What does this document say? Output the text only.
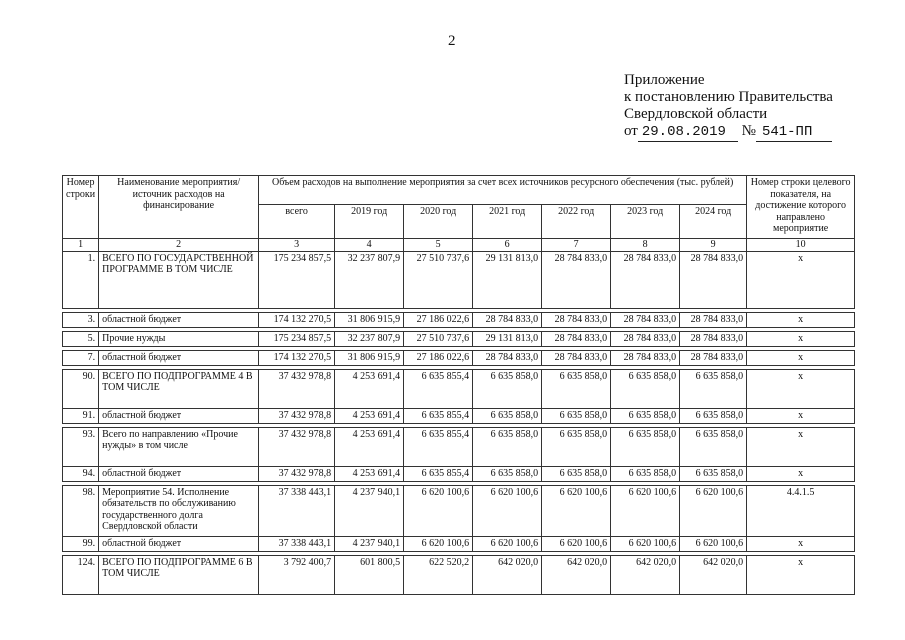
2
Приложение
к постановлению Правительства
Свердловской области
от 29.08.2019 № 541-ПП
Номер строки	Наименование мероприятия/источник расходов на финансирование	Объем расходов на выполнение мероприятия за счет всех источников ресурсного обеспечения (тыс. рублей)							Номер строки целевого показателя, на достижение которого направлено мероприятие
		всего	2019 год	2020 год	2021 год	2022 год	2023 год	2024 год	
1	2	3	4	5	6	7	8	9	10
1.	ВСЕГО ПО ГОСУДАРСТВЕННОЙ ПРОГРАММЕ В ТОМ ЧИСЛЕ	175 234 857,5	32 237 807,9	27 510 737,6	29 131 813,0	28 784 833,0	28 784 833,0	28 784 833,0	х

3.	областной бюджет	174 132 270,5	31 806 915,9	27 186 022,6	28 784 833,0	28 784 833,0	28 784 833,0	28 784 833,0	х

5.	Прочие нужды	175 234 857,5	32 237 807,9	27 510 737,6	29 131 813,0	28 784 833,0	28 784 833,0	28 784 833,0	х

7.	областной бюджет	174 132 270,5	31 806 915,9	27 186 022,6	28 784 833,0	28 784 833,0	28 784 833,0	28 784 833,0	х

90.	ВСЕГО ПО ПОДПРОГРАММЕ 4 В ТОМ ЧИСЛЕ	37 432 978,8	4 253 691,4	6 635 855,4	6 635 858,0	6 635 858,0	6 635 858,0	6 635 858,0	х
91.	областной бюджет	37 432 978,8	4 253 691,4	6 635 855,4	6 635 858,0	6 635 858,0	6 635 858,0	6 635 858,0	х

93.	Всего по направлению «Прочие нужды» в том числе	37 432 978,8	4 253 691,4	6 635 855,4	6 635 858,0	6 635 858,0	6 635 858,0	6 635 858,0	х
94.	областной бюджет	37 432 978,8	4 253 691,4	6 635 855,4	6 635 858,0	6 635 858,0	6 635 858,0	6 635 858,0	х

98.	Мероприятие 54. Исполнение обязательств по обслуживанию государственного долга Свердловской области	37 338 443,1	4 237 940,1	6 620 100,6	6 620 100,6	6 620 100,6	6 620 100,6	6 620 100,6	4.4.1.5
99.	областной бюджет	37 338 443,1	4 237 940,1	6 620 100,6	6 620 100,6	6 620 100,6	6 620 100,6	6 620 100,6	х

124.	ВСЕГО ПО ПОДПРОГРАММЕ 6 В ТОМ ЧИСЛЕ	3 792 400,7	601 800,5	622 520,2	642 020,0	642 020,0	642 020,0	642 020,0	х
